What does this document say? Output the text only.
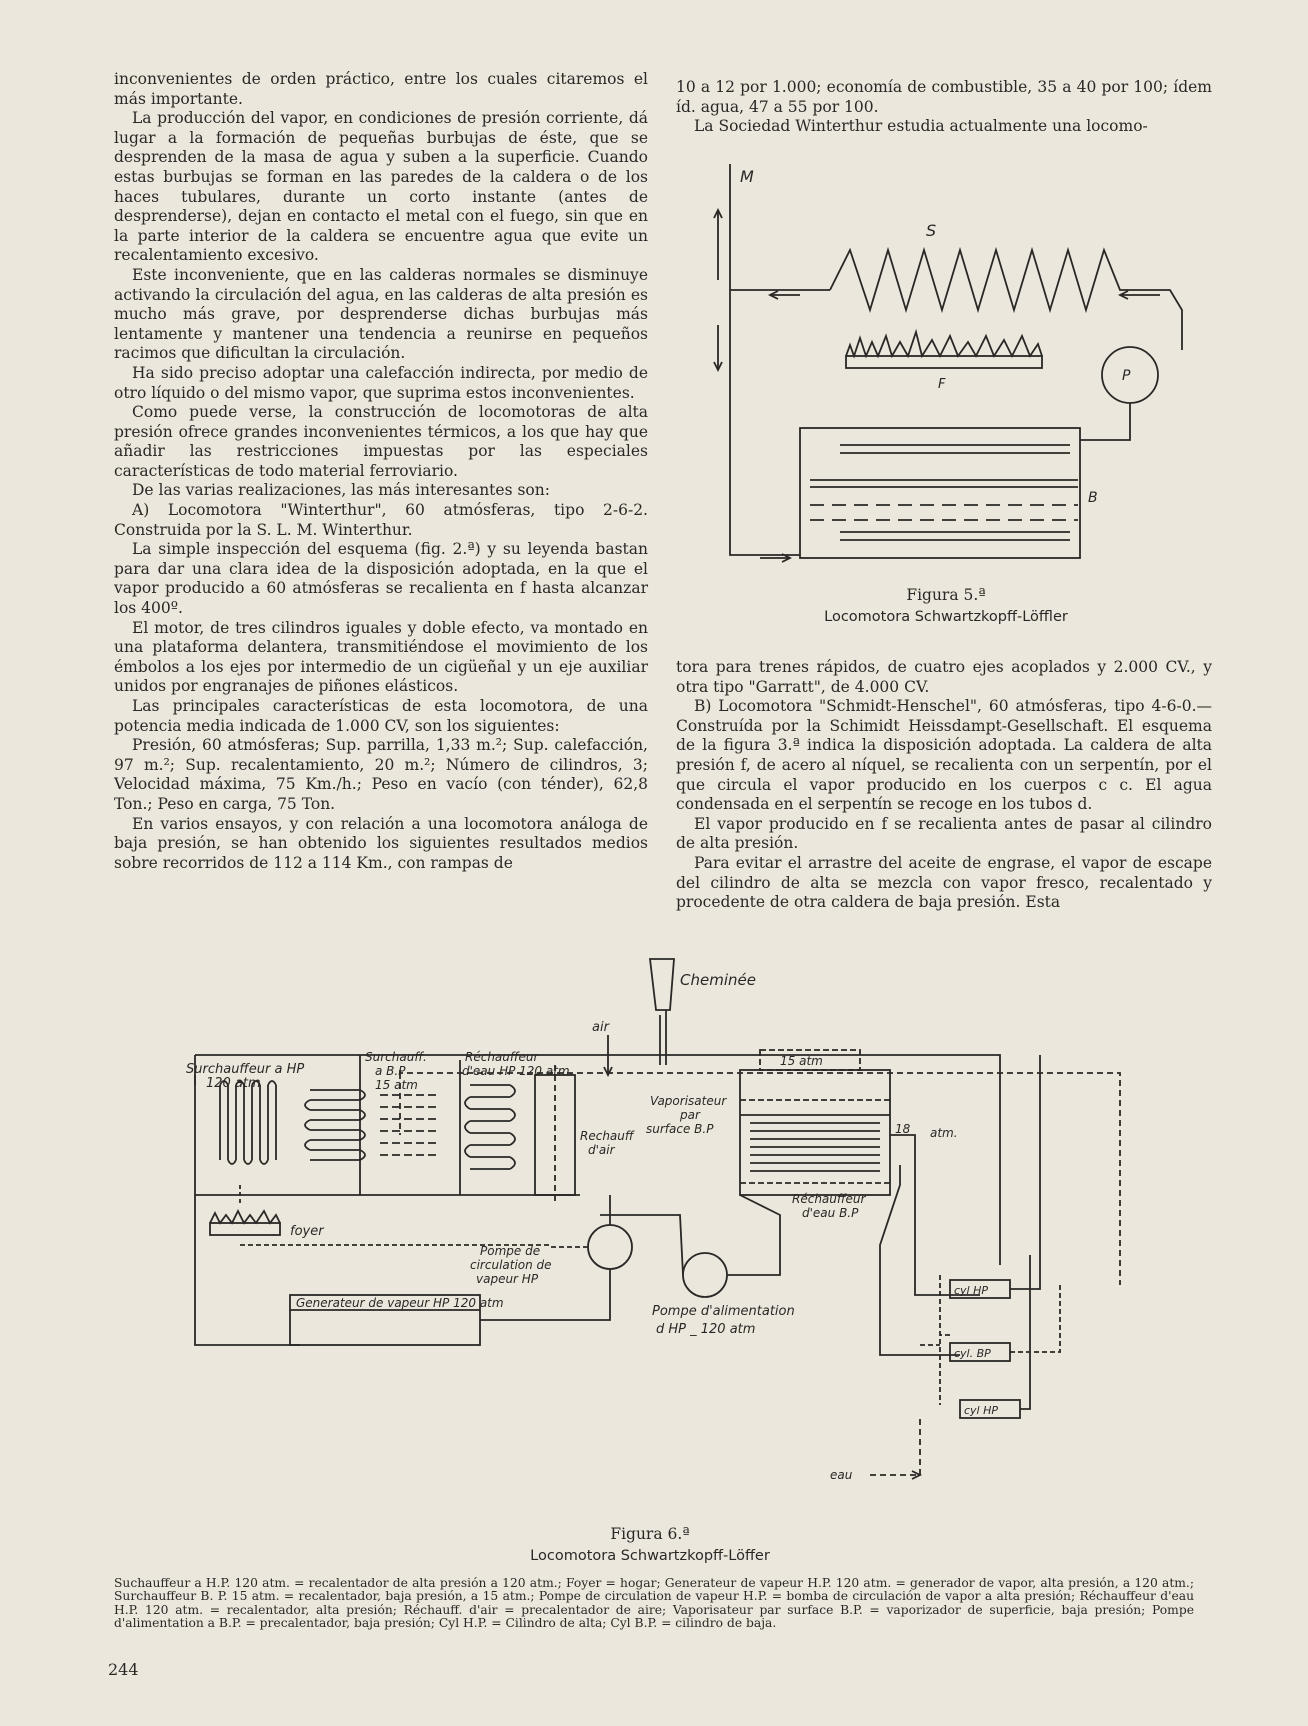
inconvenientes de orden práctico, entre los cuales citaremos el más importante.

La producción del vapor, en condiciones de presión corriente, dá lugar a la formación de pequeñas burbujas de éste, que se desprenden de la masa de agua y suben a la superficie. Cuando estas burbujas se forman en las paredes de la caldera o de los haces tubulares, durante un corto instante (antes de desprenderse), dejan en contacto el metal con el fuego, sin que en la parte interior de la caldera se encuentre agua que evite un recalentamiento excesivo.

Este inconveniente, que en las calderas normales se disminuye activando la circulación del agua, en las calderas de alta presión es mucho más grave, por desprenderse dichas burbujas más lentamente y mantener una tendencia a reunirse en pequeños racimos que dificultan la circulación.

Ha sido preciso adoptar una calefacción indirecta, por medio de otro líquido o del mismo vapor, que suprima estos inconvenientes.

Como puede verse, la construcción de locomotoras de alta presión ofrece grandes inconvenientes térmicos, a los que hay que añadir las restricciones impuestas por las especiales características de todo material ferroviario.

De las varias realizaciones, las más interesantes son:

A) Locomotora "Winterthur", 60 atmósferas, tipo 2-6-2. Construida por la S. L. M. Winterthur.

La simple inspección del esquema (fig. 2.ª) y su leyenda bastan para dar una clara idea de la disposición adoptada, en la que el vapor producido a 60 atmósferas se recalienta en f hasta alcanzar los 400º.

El motor, de tres cilindros iguales y doble efecto, va montado en una plataforma delantera, transmitiéndose el movimiento de los émbolos a los ejes por intermedio de un cigüeñal y un eje auxiliar unidos por engranajes de piñones elásticos.

Las principales características de esta locomotora, de una potencia media indicada de 1.000 CV, son los siguientes:

Presión, 60 atmósferas; Sup. parrilla, 1,33 m.²; Sup. calefacción, 97 m.²; Sup. recalentamiento, 20 m.²; Número de cilindros, 3; Velocidad máxima, 75 Km./h.; Peso en vacío (con ténder), 62,8 Ton.; Peso en carga, 75 Ton.

En varios ensayos, y con relación a una locomotora análoga de baja presión, se han obtenido los siguientes resultados medios sobre recorridos de 112 a 114 Km., con rampas de

10 a 12 por 1.000; economía de combustible, 35 a 40 por 100; ídem íd. agua, 47 a 55 por 100.

La Sociedad Winterthur estudia actualmente una locomo-

M
S
F
P
B
Figura 5.ª
Locomotora Schwartzkopff-Löffler

tora para trenes rápidos, de cuatro ejes acoplados y 2.000 CV., y otra tipo "Garratt", de 4.000 CV.

B) Locomotora "Schmidt-Henschel", 60 atmósferas, tipo 4-6-0.—Construída por la Schimidt Heissdampt-Gesellschaft. El esquema de la figura 3.ª indica la disposición adoptada. La caldera de alta presión f, de acero al níquel, se recalienta con un serpentín, por el que circula el vapor producido en los cuerpos c c. El agua condensada en el serpentín se recoge en los tubos d.

El vapor producido en f se recalienta antes de pasar al cilindro de alta presión.

Para evitar el arrastre del aceite de engrase, el vapor de escape del cilindro de alta se mezcla con vapor fresco, recalentado y procedente de otra caldera de baja presión. Esta

Cheminée
air
Surchauffeur a HP
120 atm
Surchauff.
a B.P
15 atm
Réchauffeur
d'eau HP 120 atm.
Rechauff
d'air
Vaporisateur
par
surface B.P
15 atm
18 atm.
Réchauffeur
d'eau B.P
foyer
Pompe de
circulation de
vapeur HP
Generateur de vapeur HP 120 atm
Pompe d'alimentation
d HP _ 120 atm
cyl HP
cyl. BP
cyl HP
eau
Figura 6.ª
Locomotora Schwartzkopff-Löffer
Suchauffeur a H.P. 120 atm. = recalentador de alta presión a 120 atm.; Foyer = hogar; Generateur de vapeur H.P. 120 atm. = generador de vapor, alta presión, a 120 atm.; Surchauffeur B. P. 15 atm. = recalentador, baja presión, a 15 atm.; Pompe de circulation de vapeur H.P. = bomba de circulación de vapor a alta presión; Réchauffeur d'eau H.P. 120 atm. = recalentador, alta presión; Réchauff. d'air = precalentador de aire; Vaporisateur par surface B.P. = vaporizador de superficie, baja presión; Pompe d'alimentation a B.P. = precalentador, baja presión; Cyl H.P. = Cilindro de alta; Cyl B.P. = cilindro de baja.
244
